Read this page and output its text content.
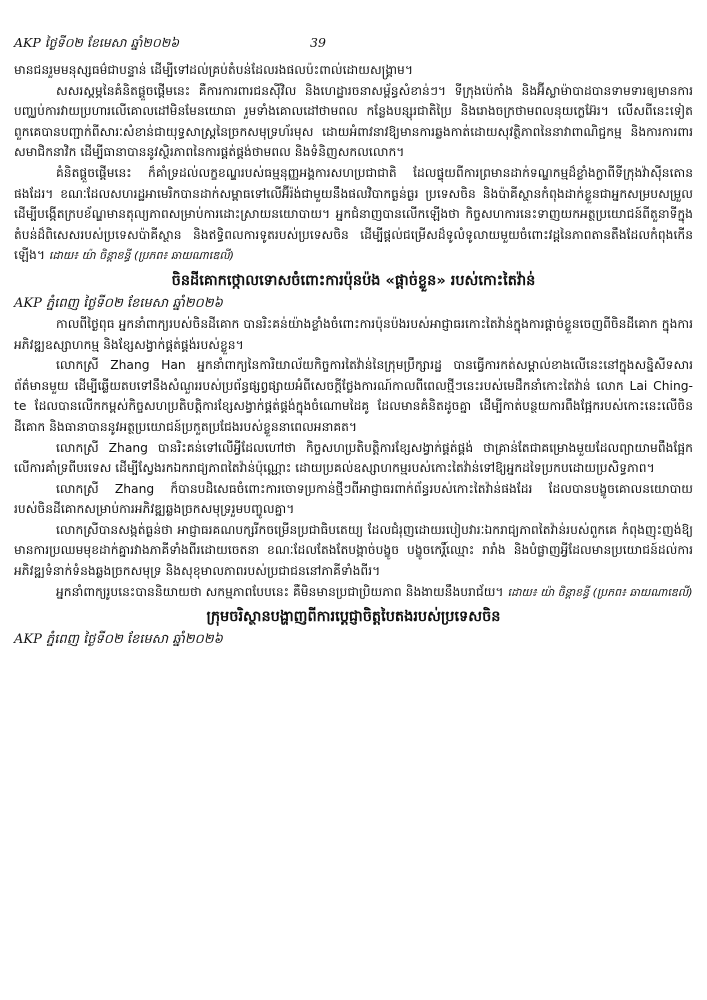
AKP ថ្ងៃទី០២ ខែមេសា ឆ្នាំ២០២៦	39

មានជនរួមមនុស្សធម៌ជាបន្ទាន់ ដើម្បីទៅដល់គ្រប់តំបន់ដែលរងផលប៉ះពាល់ដោយសង្គ្រាម។

សសរស្តម្ភនៃគំនិតផ្តួចផ្តើមនេះ គឺការការពារជនស៊ីវិល និងហេដ្ឋារចនាសម្ព័ន្ធសំខាន់ៗ។ ទីក្រុងប៉េកាំង និងអ៊ីស្លាម៉ាបាដបានទាមទារឲ្យមានការបញ្ឈប់ការវាយប្រហារលើគោលដៅមិនមែនយោធា រួមទាំងគោលដៅថាមពល កន្លែងបន្សុរជាតិប្រៃ និងរោងចក្រថាមពលនុយក្លេអ៊ែរ។ លើសពីនេះទៀត ពួកគេបានបញ្ជាក់ពីសារៈសំខាន់ជាយុទ្ធសាស្ត្រនៃច្រកសមុទ្រហ័រមុស ដោយអំពាវនាវឱ្យមានការឆ្លងកាត់ដោយសុវត្ថិភាពនៃនាវាពាណិជ្ជកម្ម និងការការពារសមាជិកនាវិក ដើម្បីធានាបាននូវស្ថិរភាពនៃការផ្គត់ផ្គង់ថាមពល និងទំនិញសកលលោក។

គំនិតផ្តួចផ្តើមនេះ ក៏គាំទ្រដល់លក្ខខណ្ឌរបស់ធម្មនុញ្ញអង្គការសហប្រជាជាតិ ដែលផ្ទុយពីការព្រមានដាក់ទណ្ឌកម្មដ៏ខ្លាំងក្លាពីទីក្រុងវ៉ាស៊ីនតោនផងដែរ។ ខណៈដែលសហរដ្ឋអាមេរិកបានដាក់សម្ពាធទៅលើអ៊ីរ៉ង់ជាមួយនឹងផលវិបាកធ្ងន់ធ្ងរ ប្រទេសចិន និងប៉ាគីស្ថានកំពុងដាក់ខ្លួនជាអ្នកសម្របសម្រួល ដើម្បីបង្កើតក្របខ័ណ្ឌមានតុល្យភាពសម្រាប់ការដោះស្រាយនយោបាយ។ អ្នកជំនាញបានលើកឡើងថា កិច្ចសហការនេះទាញយកអត្ថប្រយោជន៍ពីតួនាទីក្នុងតំបន់ដ៏ពិសេសរបស់ប្រទេសប៉ាគីស្ថាន និងឥទ្ធិពលការទូតរបស់ប្រទេសចិន ដើម្បីផ្តល់ជម្រើសដ៏ទូលំទូលាយមួយចំពោះវដ្តនៃភាពតានតឹងដែលកំពុងកើនឡើង។ ដោយ៖ យ៉ា ចិន្តា​ខន្ធី (ប្រភព៖ ឆាយណាឌេលី)

ចិនដីគោកថ្កោលទោសចំពោះការប៉ុនប៉ង «ផ្ដាច់ខ្លួន» របស់កោះតៃវ៉ាន់
AKP ភ្នំពេញ ថ្ងៃទី០២ ខែមេសា ឆ្នាំ២០២៦

កាលពីថ្ងៃពុធ អ្នកនាំពាក្យរបស់ចិនដីគោក បានរិះគន់យ៉ាងខ្លាំងចំពោះការប៉ុនប៉ងរបស់អាជ្ញាធរកោះតៃវ៉ាន់ក្នុងការផ្តាច់ខ្លួនចេញពីចិនដីគោក ក្នុងការអភិវឌ្ឍឧស្សាហកម្ម និងខ្សែសង្វាក់ផ្គត់ផ្គង់របស់ខ្លួន។

លោកស្រី Zhang Han អ្នកនាំពាក្យនៃការិយាល័យកិច្ចការតៃវ៉ាន់នៃក្រុមប្រឹក្សារដ្ឋ បានធ្វើការកត់សម្គាល់ខាងលើនេះនៅក្នុងសន្និសីទសារព័ត៌មានមួយ ដើម្បីឆ្លើយតបទៅនឹងសំណួររបស់ប្រព័ន្ធផ្សព្វផ្សាយអំពីសេចក្តីថ្លែងការណ៍កាលពីពេលថ្មីៗនេះរបស់មេដឹកនាំកោះតៃវ៉ាន់ លោក Lai Ching-te ដែលបានលើកកម្ពស់កិច្ចសហប្រតិបត្តិការខ្សែសង្វាក់ផ្គត់ផ្គង់ក្នុងចំណោមដៃគូ ដែលមានគំនិតដូចគ្នា ដើម្បីកាត់បន្ថយការពឹងផ្អែករបស់កោះនេះលើចិនដីគោក និងធានាបាននូវអត្ថប្រយោជន៍ប្រកួតប្រជែងរបស់ខ្លួននាពេលអនាគត។

លោកស្រី Zhang បានរិះគន់ទៅលើអ្វីដែលហៅថា កិច្ចសហប្រតិបត្តិការខ្សែសង្វាក់ផ្គត់ផ្គង់ ថាគ្រាន់តែជាគម្រោងមួយដែលព្យាយាមពឹងផ្អែកលើការគាំទ្រពីបរទេស ដើម្បីស្វែងរកឯករាជ្យភាពតៃវ៉ាន់ប៉ុណ្ណោះ ដោយប្រគល់ឧស្សាហកម្មរបស់កោះតៃវ៉ាន់ទៅឱ្យអ្នកដទៃប្រកបដោយប្រសិទ្ធភាព។

លោកស្រី Zhang ក៏បានបដិសេធចំពោះការចោទប្រកាន់ថ្មីៗពីអាជ្ញាធរពាក់ព័ន្ធរបស់កោះតៃវ៉ាន់ផងដែរ ដែលបានបង្ខូចគោលនយោបាយរបស់ចិនដីគោកសម្រាប់ការអភិវឌ្ឍឆ្លងច្រកសមុទ្ររួមបញ្ចូលគ្នា។

លោកស្រីបានសង្កត់ធ្ងន់ថា អាជ្ញាធរគណបក្សរីកចម្រើនប្រជាធិបតេយ្យ ដែលជំរុញដោយរបៀបវារៈឯករាជ្យភាពតៃវ៉ាន់របស់ពួកគេ កំពុងញុះញង់ឱ្យមានការប្រឈមមុខដាក់គ្នារវាងភាគីទាំងពីរដោយចេតនា ខណៈដែលតែងតែបង្កាច់បង្ខូច បង្ខូចកេរ្តិ៍ឈ្មោះ រារាំង និងបំផ្លាញអ្វីដែលមានប្រយោជន៍ដល់ការអភិវឌ្ឍទំនាក់ទំនងឆ្លងច្រកសមុទ្រ និងសុខុមាលភាពរបស់ប្រជាជននៅភាគីទាំងពីរ។

អ្នកនាំពាក្យរូបនេះបាននិយាយថា សកម្មភាពបែបនេះ គឺមិនមានប្រជាប្រិយភាព និងងាយនឹងបរាជ័យ។ ដោយ៖ យ៉ា ចិន្តាខន្ធី (ប្រភព៖ ឆាយណាឌេលី)

ក្រុមចរិស្ថានបង្ហាញពីការប្តេជ្ញាចិត្តបៃតងរបស់ប្រទេសចិន
AKP ភ្នំពេញ ថ្ងៃទី០២ ខែមេសា ឆ្នាំ២០២៦
